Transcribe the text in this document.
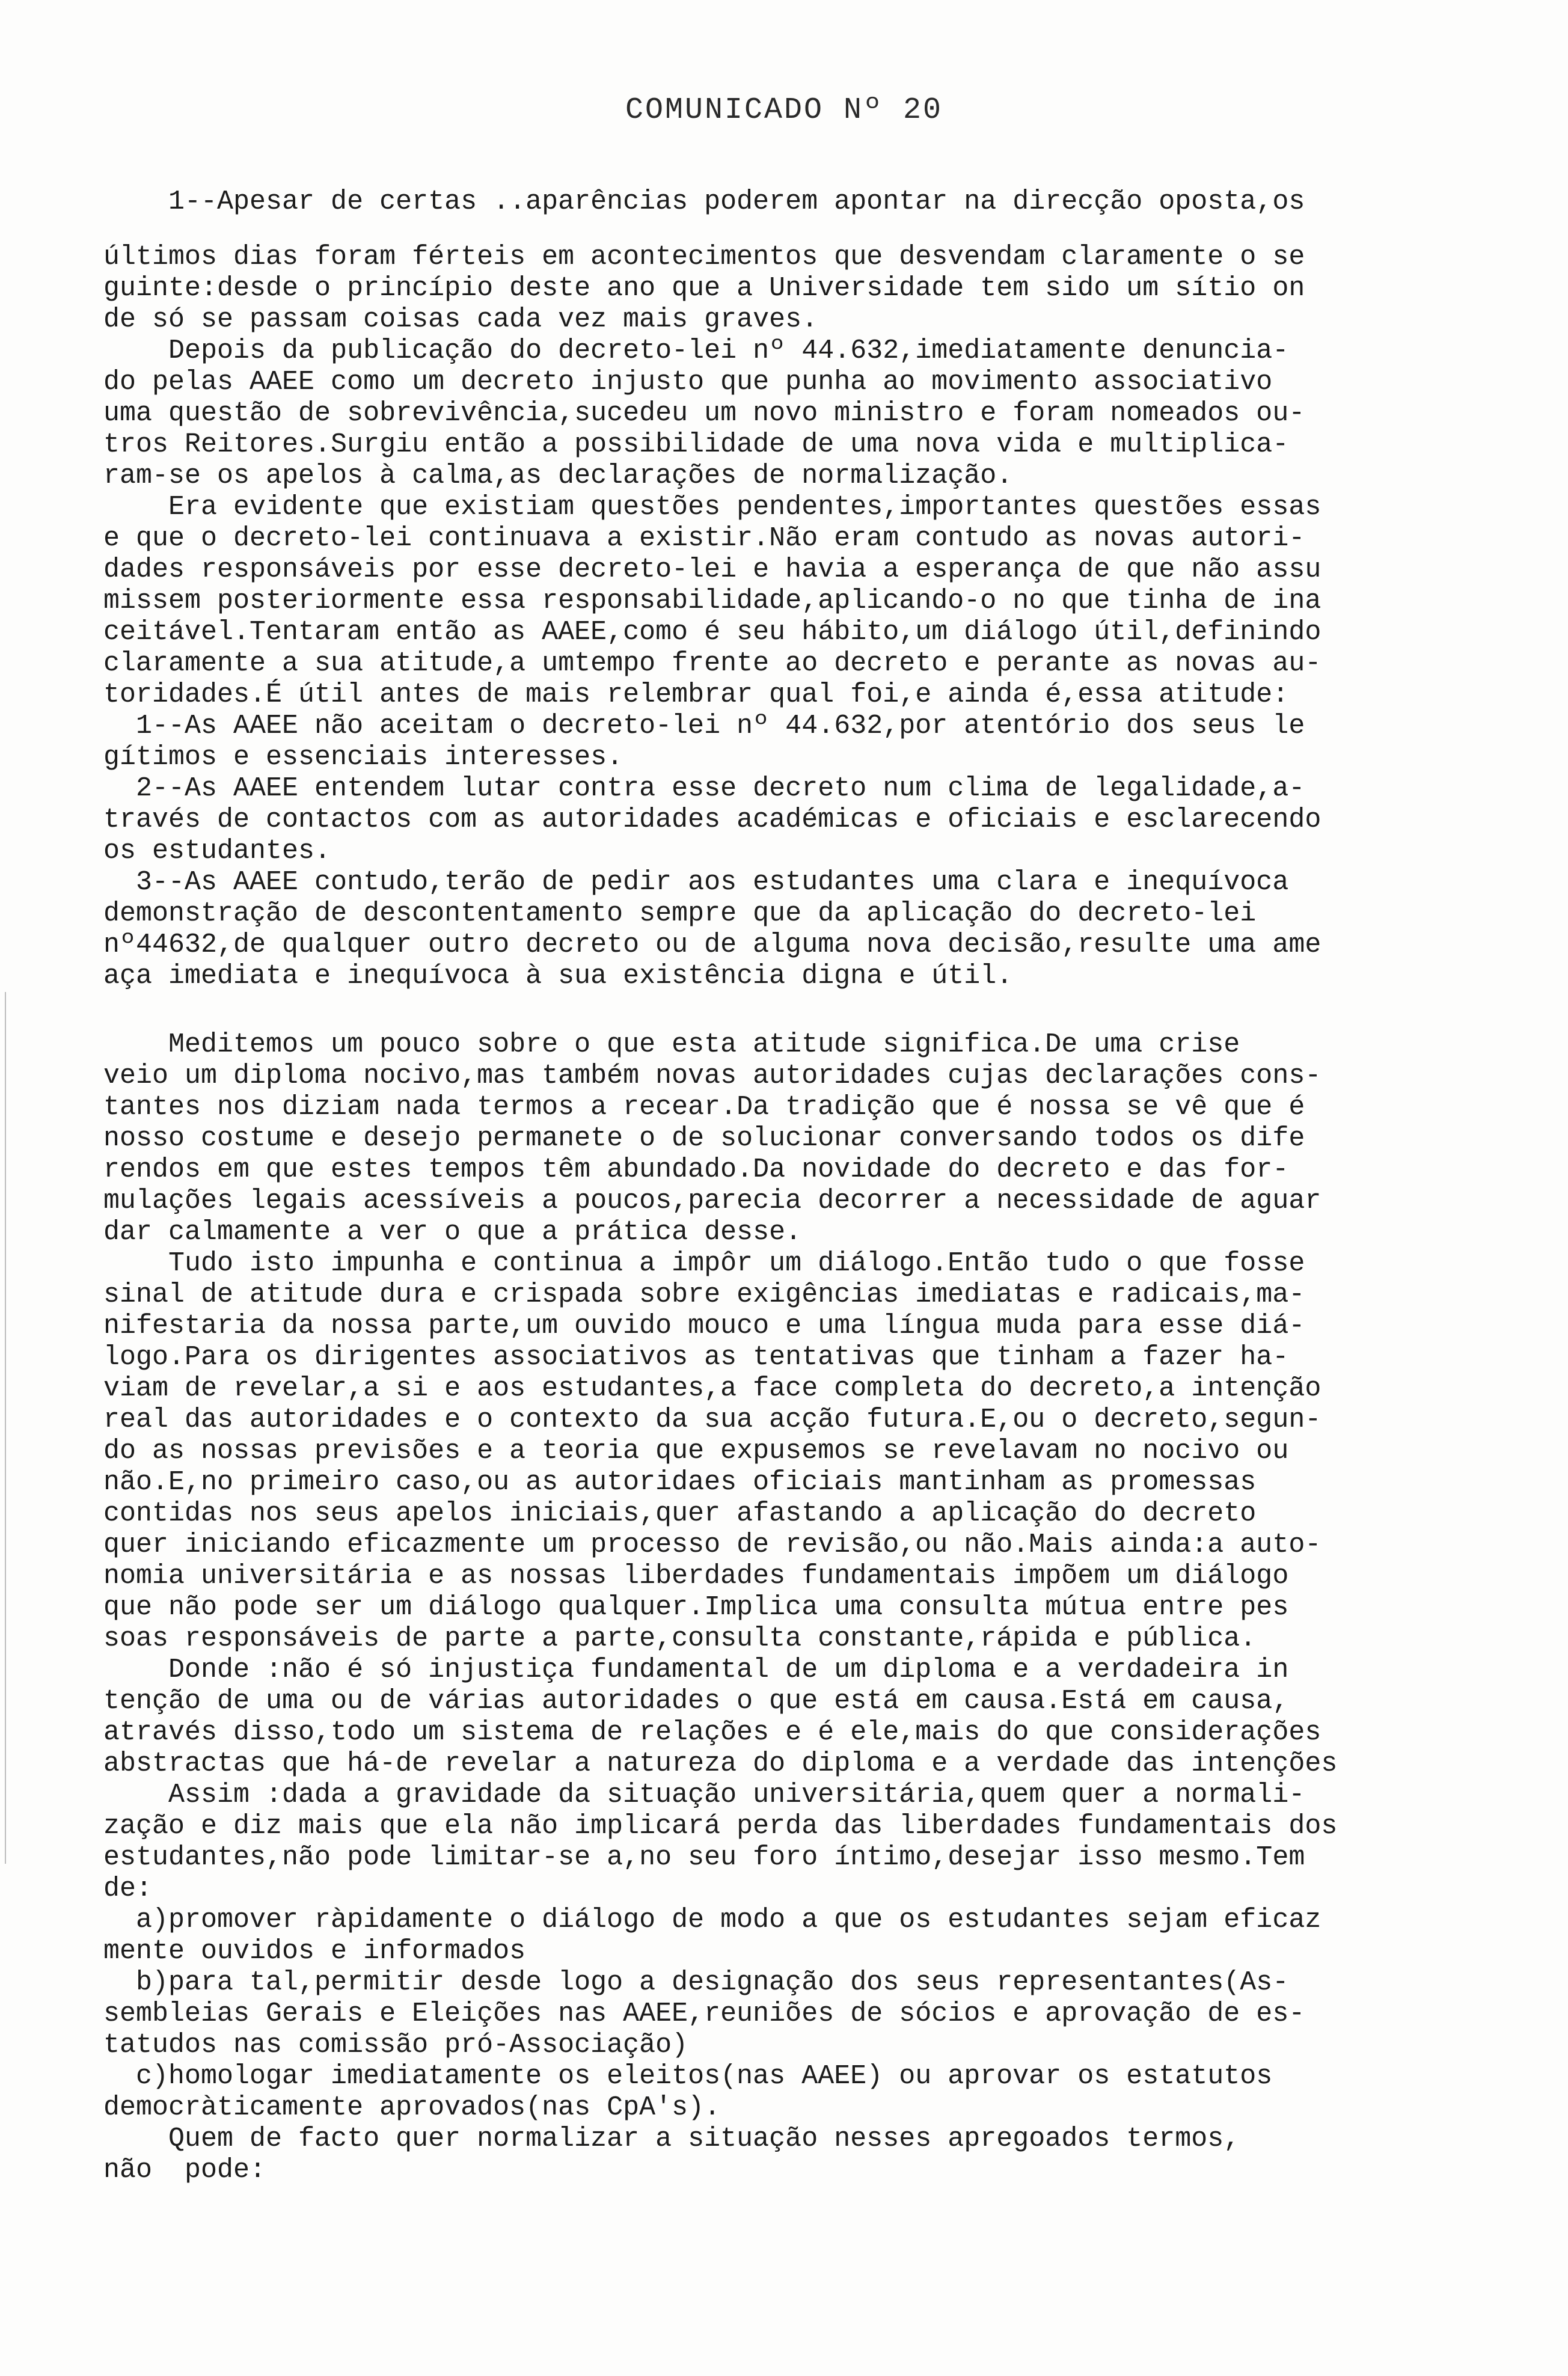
COMUNICADO Nº 20
1--Apesar de certas ..aparências poderem apontar na direcção oposta,os
últimos dias foram férteis em acontecimentos que desvendam claramente o se
guinte:desde o princípio deste ano que a Universidade tem sido um sítio on
de só se passam coisas cada vez mais graves.
Depois da publicação do decreto-lei nº 44.632,imediatamente denuncia-
do pelas AAEE como um decreto injusto que punha ao movimento associativo
uma questão de sobrevivência,sucedeu um novo ministro e foram nomeados ou-
tros Reitores.Surgiu então a possibilidade de uma nova vida e multiplica-
ram-se os apelos à calma,as declarações de normalização.
Era evidente que existiam questões pendentes,importantes questões essas
e que o decreto-lei continuava a existir.Não eram contudo as novas autori-
dades responsáveis por esse decreto-lei e havia a esperança de que não assu
missem posteriormente essa responsabilidade,aplicando-o no que tinha de ina
ceitável.Tentaram então as AAEE,como é seu hábito,um diálogo útil,definindo
claramente a sua atitude,a umtempo frente ao decreto e perante as novas au-
toridades.É útil antes de mais relembrar qual foi,e ainda é,essa atitude:
1--As AAEE não aceitam o decreto-lei nº 44.632,por atentório dos seus le
gítimos e essenciais interesses.
2--As AAEE entendem lutar contra esse decreto num clima de legalidade,a-
través de contactos com as autoridades académicas e oficiais e esclarecendo
os estudantes.
3--As AAEE contudo,terão de pedir aos estudantes uma clara e inequívoca
demonstração de descontentamento sempre que da aplicação do decreto-lei
nº44632,de qualquer outro decreto ou de alguma nova decisão,resulte uma ame
aça imediata e inequívoca à sua existência digna e útil.
Meditemos um pouco sobre o que esta atitude significa.De uma crise
veio um diploma nocivo,mas também novas autoridades cujas declarações cons-
tantes nos diziam nada termos a recear.Da tradição que é nossa se vê que é
nosso costume e desejo permanete o de solucionar conversando todos os dife
rendos em que estes tempos têm abundado.Da novidade do decreto e das for-
mulações legais acessíveis a poucos,parecia decorrer a necessidade de aguar
dar calmamente a ver o que a prática desse.
Tudo isto impunha e continua a impôr um diálogo.Então tudo o que fosse
sinal de atitude dura e crispada sobre exigências imediatas e radicais,ma-
nifestaria da nossa parte,um ouvido mouco e uma língua muda para esse diá-
logo.Para os dirigentes associativos as tentativas que tinham a fazer ha-
viam de revelar,a si e aos estudantes,a face completa do decreto,a intenção
real das autoridades e o contexto da sua acção futura.E,ou o decreto,segun-
do as nossas previsões e a teoria que expusemos se revelavam no nocivo ou
não.E,no primeiro caso,ou as autoridaes oficiais mantinham as promessas
contidas nos seus apelos iniciais,quer afastando a aplicação do decreto
quer iniciando eficazmente um processo de revisão,ou não.Mais ainda:a auto-
nomia universitária e as nossas liberdades fundamentais impõem um diálogo
que não pode ser um diálogo qualquer.Implica uma consulta mútua entre pes
soas responsáveis de parte a parte,consulta constante,rápida e pública.
Donde :não é só injustiça fundamental de um diploma e a verdadeira in
tenção de uma ou de várias autoridades o que está em causa.Está em causa,
através disso,todo um sistema de relações e é ele,mais do que considerações
abstractas que há-de revelar a natureza do diploma e a verdade das intenções
Assim :dada a gravidade da situação universitária,quem quer a normali-
zação e diz mais que ela não implicará perda das liberdades fundamentais dos
estudantes,não pode limitar-se a,no seu foro íntimo,desejar isso mesmo.Tem
de:
a)promover ràpidamente o diálogo de modo a que os estudantes sejam eficaz
mente ouvidos e informados
b)para tal,permitir desde logo a designação dos seus representantes(As-
sembleias Gerais e Eleições nas AAEE,reuniões de sócios e aprovação de es-
tatudos nas comissão pró-Associação)
c)homologar imediatamente os eleitos(nas AAEE) ou aprovar os estatutos
democràticamente aprovados(nas CpA's).
Quem de facto quer normalizar a situação nesses apregoados termos,
não  pode:
